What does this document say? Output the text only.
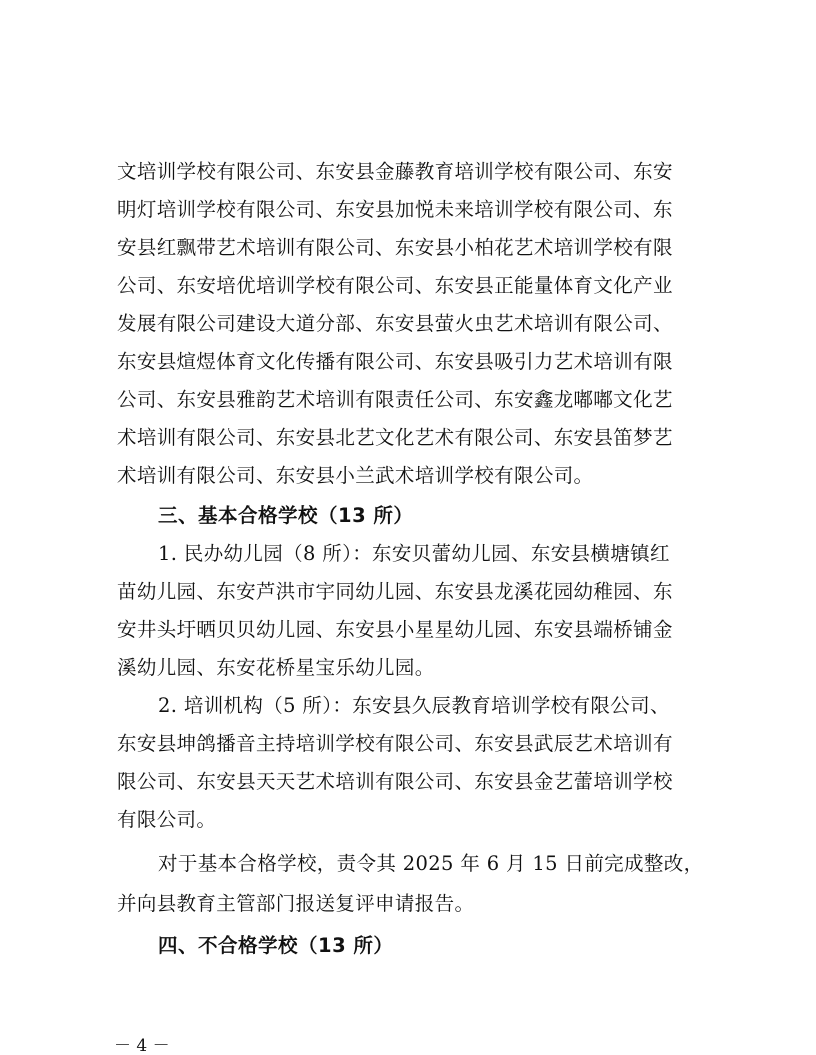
文培训学校有限公司、东安县金藤教育培训学校有限公司、东安
明灯培训学校有限公司、东安县加悦未来培训学校有限公司、东
安县红飘带艺术培训有限公司、东安县小柏花艺术培训学校有限
公司、东安培优培训学校有限公司、东安县正能量体育文化产业
发展有限公司建设大道分部、东安县萤火虫艺术培训有限公司、
东安县煊煜体育文化传播有限公司、东安县吸引力艺术培训有限
公司、东安县雅韵艺术培训有限责任公司、东安鑫龙嘟嘟文化艺
术培训有限公司、东安县北艺文化艺术有限公司、东安县笛梦艺
术培训有限公司、东安县小兰武术培训学校有限公司。
三、基本合格学校（13 所）
1. 民办幼儿园（8 所）：东安贝蕾幼儿园、东安县横塘镇红
苗幼儿园、东安芦洪市宇同幼儿园、东安县龙溪花园幼稚园、东
安井头圩晒贝贝幼儿园、东安县小星星幼儿园、东安县端桥铺金
溪幼儿园、东安花桥星宝乐幼儿园。
2. 培训机构（5 所）：东安县久辰教育培训学校有限公司、
东安县坤鸽播音主持培训学校有限公司、东安县武辰艺术培训有
限公司、东安县天天艺术培训有限公司、东安县金艺蕾培训学校
有限公司。
对于基本合格学校，责令其 2025 年 6 月 15 日前完成整改，
并向县教育主管部门报送复评申请报告。
四、不合格学校（13 所）
－ 4 －
